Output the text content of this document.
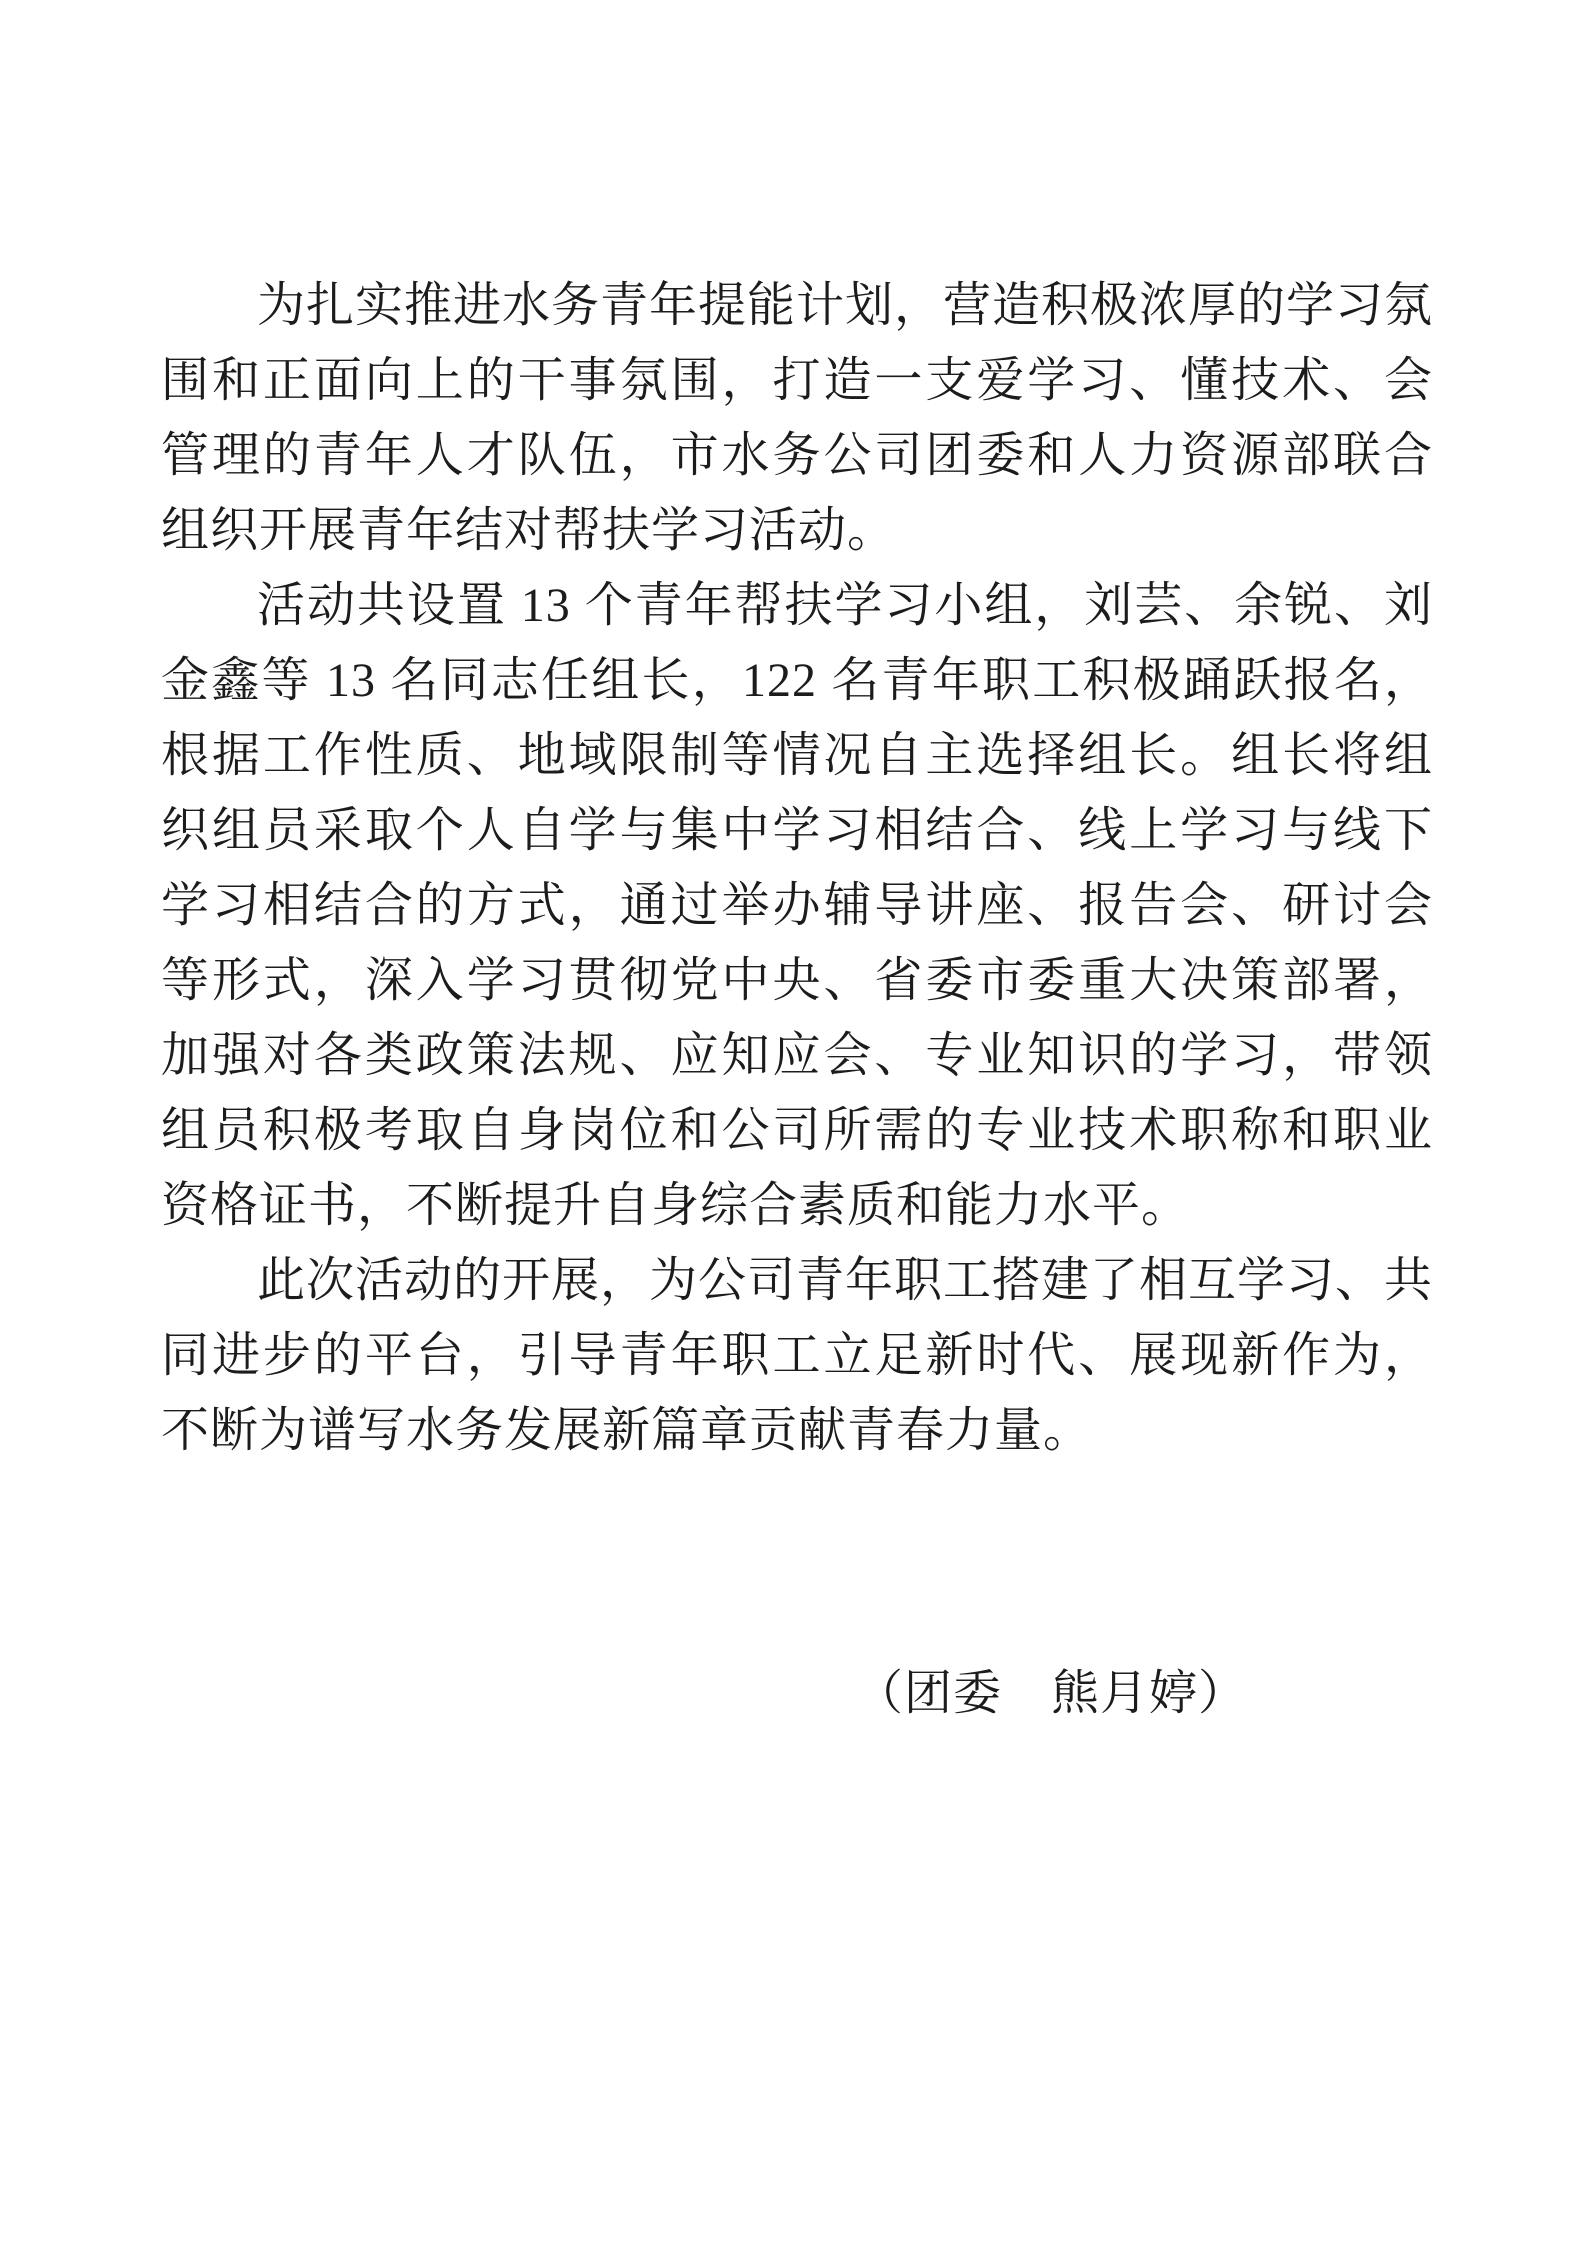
为扎实推进水务青年提能计划，营造积极浓厚的学习氛围和正面向上的干事氛围，打造一支爱学习、懂技术、会管理的青年人才队伍，市水务公司团委和人力资源部联合组织开展青年结对帮扶学习活动。

活动共设置 13 个青年帮扶学习小组，刘芸、余锐、刘金鑫等 13 名同志任组长，122 名青年职工积极踊跃报名，根据工作性质、地域限制等情况自主选择组长。组长将组织组员采取个人自学与集中学习相结合、线上学习与线下学习相结合的方式，通过举办辅导讲座、报告会、研讨会等形式，深入学习贯彻党中央、省委市委重大决策部署，加强对各类政策法规、应知应会、专业知识的学习，带领组员积极考取自身岗位和公司所需的专业技术职称和职业资格证书，不断提升自身综合素质和能力水平。

此次活动的开展，为公司青年职工搭建了相互学习、共同进步的平台，引导青年职工立足新时代、展现新作为，不断为谱写水务发展新篇章贡献青春力量。

（团委　熊月婷）
